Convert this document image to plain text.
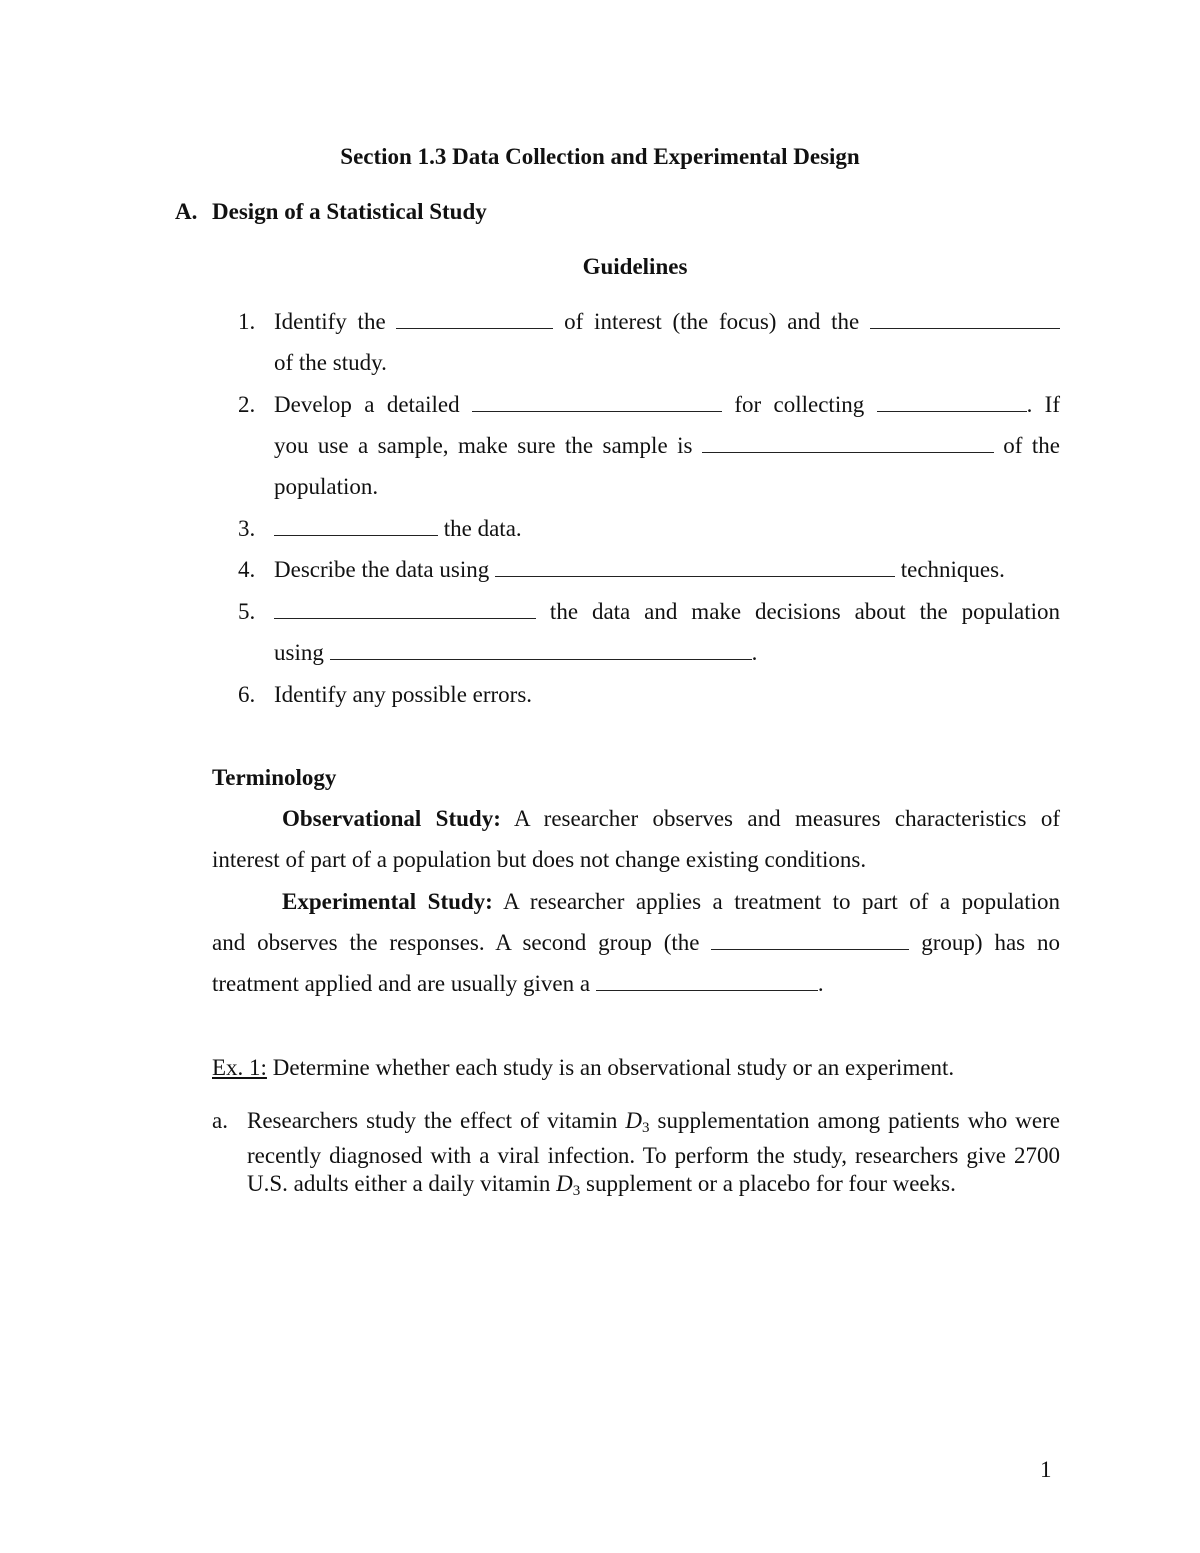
Section 1.3 Data Collection and Experimental Design
A. Design of a Statistical Study
Guidelines
1. Identify the	of interest (the focus) and the
of the study.
2. Develop a detailed	for collecting	. If
you use a sample, make sure the sample is	of the
population.
3.	the data.
4. Describe the data using	techniques.
5.	the data and make decisions about the population
using	.
6. Identify any possible errors.
Terminology
Observational Study: A researcher observes and measures characteristics of
interest of part of a population but does not change existing conditions.
Experimental Study: A researcher applies a treatment to part of a population
and observes the responses. A second group (the	group) has no
treatment applied and are usually given a	.
Ex. 1: Determine whether each study is an observational study or an experiment.
a. Researchers study the effect of vitamin $D_3$ supplementation among patients who were recently diagnosed with a viral infection. To perform the study, researchers give 2700 U.S. adults either a daily vitamin $D_3$ supplement or a placebo for four weeks.
1
